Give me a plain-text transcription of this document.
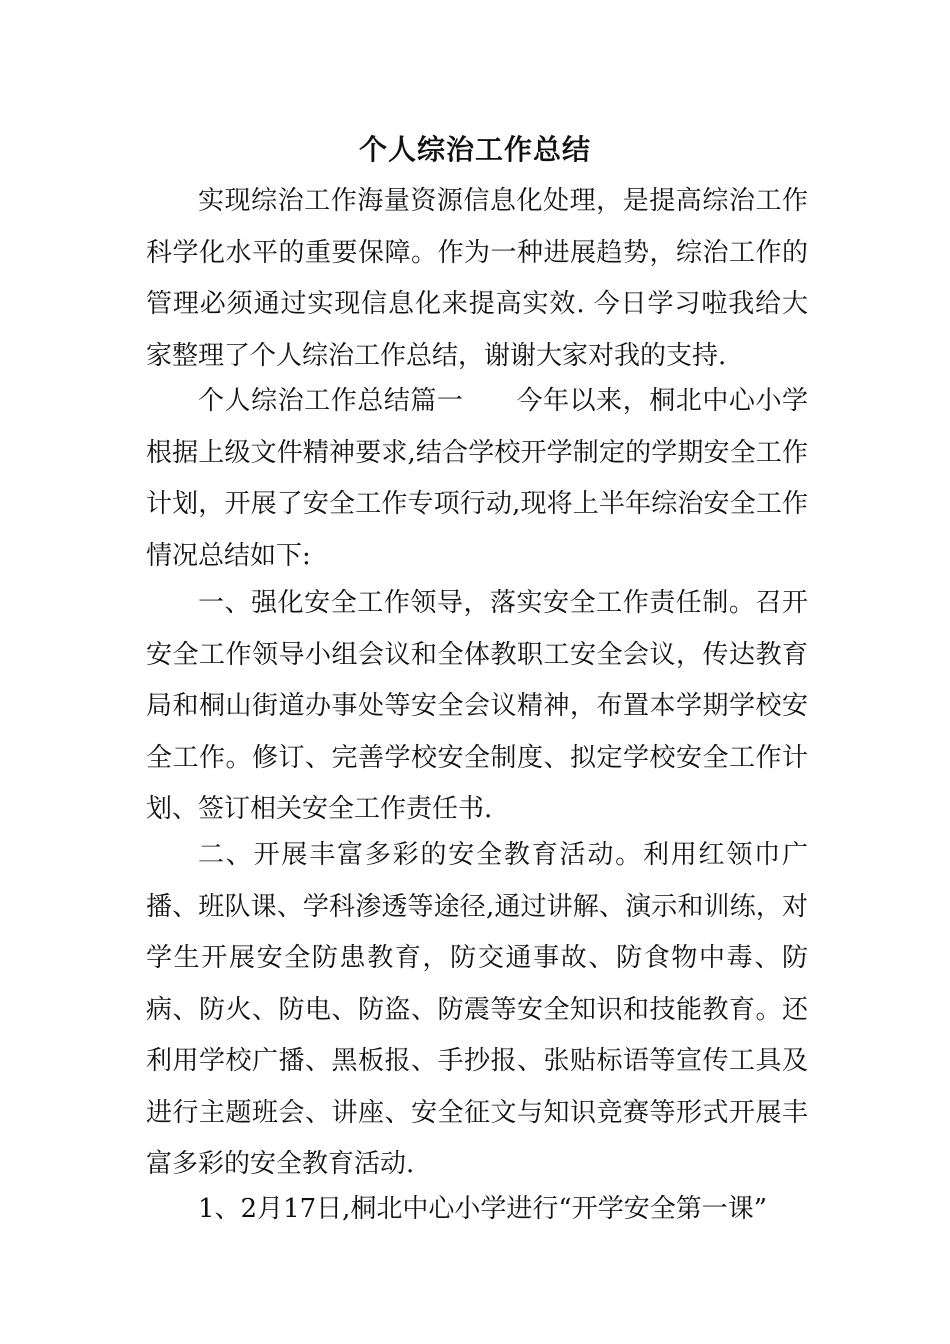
个人综治工作总结

实现综治工作海量资源信息化处理，是提高综治工作科学化水平的重要保障。作为一种进展趋势，综治工作的管理必须通过实现信息化来提高实效. 今日学习啦我给大家整理了个人综治工作总结，谢谢大家对我的支持.

个人综治工作总结篇一　　今年以来，桐北中心小学根据上级文件精神要求,结合学校开学制定的学期安全工作计划，开展了安全工作专项行动,现将上半年综治安全工作情况总结如下:

一、强化安全工作领导，落实安全工作责任制。召开安全工作领导小组会议和全体教职工安全会议，传达教育局和桐山街道办事处等安全会议精神，布置本学期学校安全工作。修订、完善学校安全制度、拟定学校安全工作计划、签订相关安全工作责任书.

二、开展丰富多彩的安全教育活动。利用红领巾广播、班队课、学科渗透等途径,通过讲解、演示和训练，对学生开展安全防患教育，防交通事故、防食物中毒、防病、防火、防电、防盗、防震等安全知识和技能教育。还利用学校广播、黑板报、手抄报、张贴标语等宣传工具及进行主题班会、讲座、安全征文与知识竞赛等形式开展丰富多彩的安全教育活动.

1、2月17日,桐北中心小学进行“开学安全第一课”
